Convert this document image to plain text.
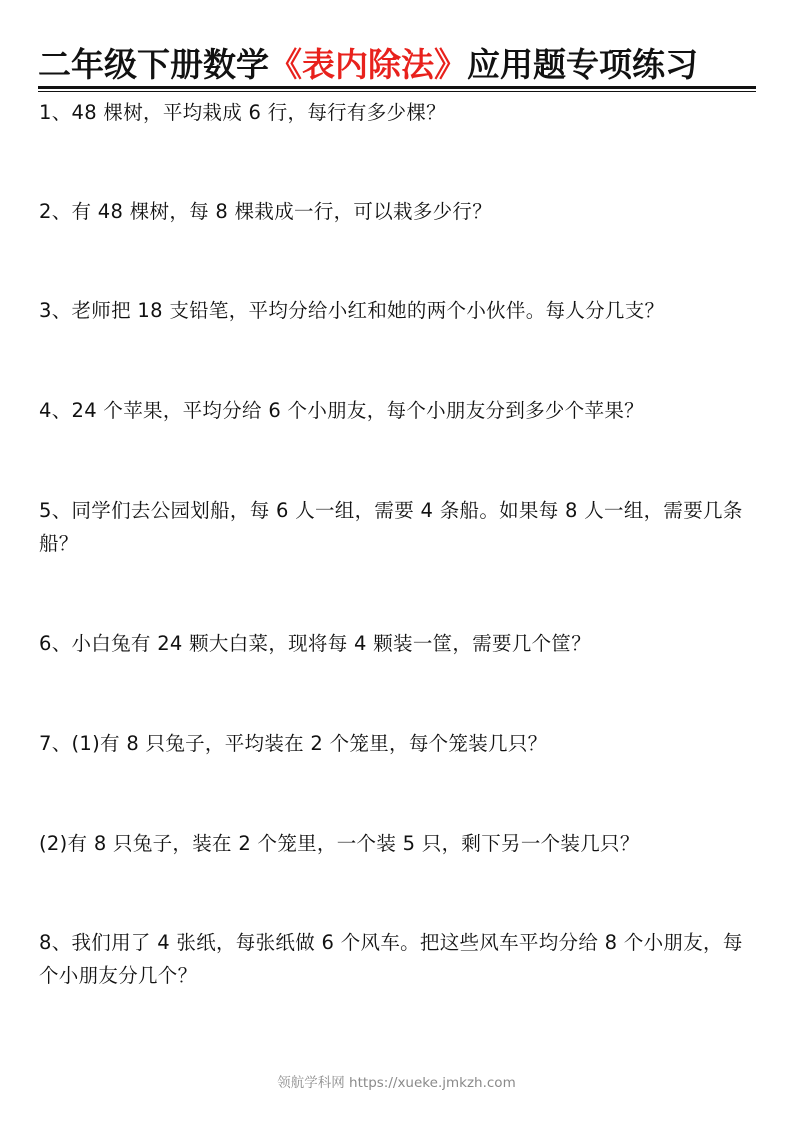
二年级下册数学《表内除法》应用题专项练习
1、48 棵树，平均栽成 6 行，每行有多少棵？
2、有 48 棵树，每 8 棵栽成一行，可以栽多少行？
3、老师把 18 支铅笔，平均分给小红和她的两个小伙伴。每人分几支？
4、24 个苹果，平均分给 6 个小朋友，每个小朋友分到多少个苹果？
5、同学们去公园划船，每 6 人一组，需要 4 条船。如果每 8 人一组，需要几条船？
6、小白兔有 24 颗大白菜，现将每 4 颗装一筐，需要几个筐？
7、(1)有 8 只兔子，平均装在 2 个笼里，每个笼装几只？
(2)有 8 只兔子，装在 2 个笼里，一个装 5 只，剩下另一个装几只？
8、我们用了 4 张纸，每张纸做 6 个风车。把这些风车平均分给 8 个小朋友，每个小朋友分几个？
领航学科网 https://xueke.jmkzh.com
